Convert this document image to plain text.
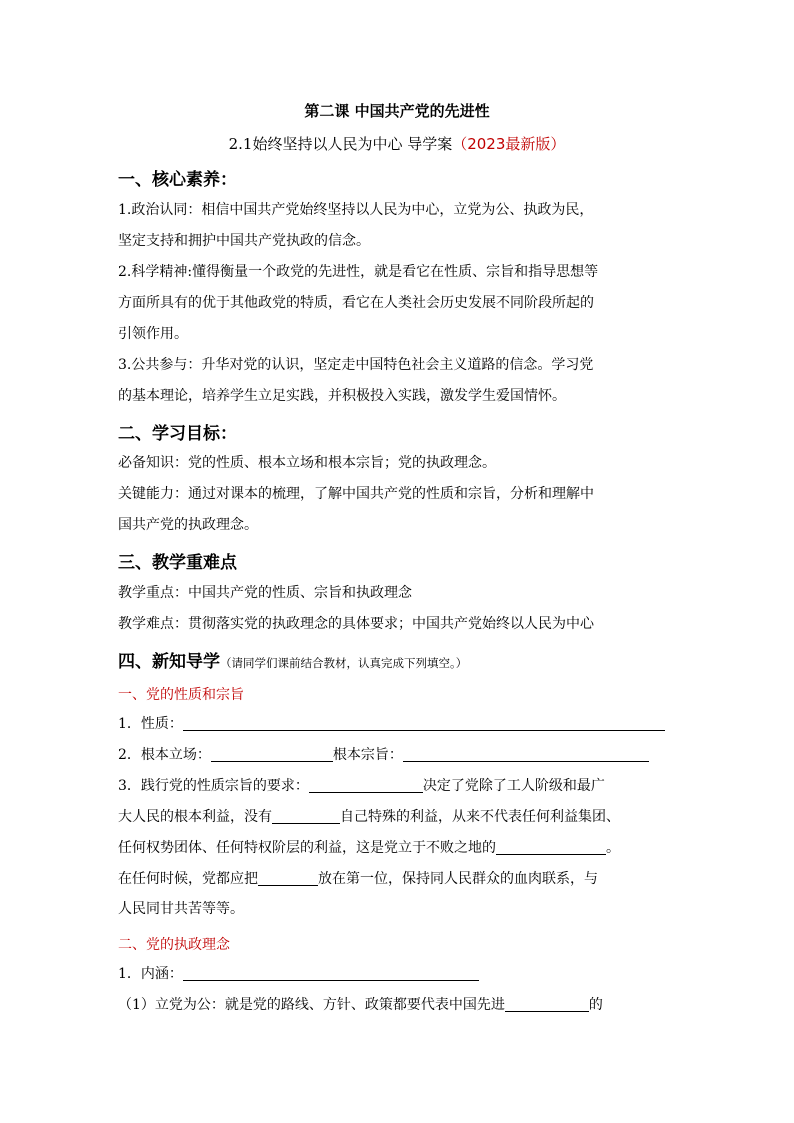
第二课 中国共产党的先进性
2.1始终坚持以人民为中心 导学案（2023最新版）
一、核心素养：
1.政治认同：相信中国共产党始终坚持以人民为中心，立党为公、执政为民，
坚定支持和拥护中国共产党执政的信念。
2.科学精神:懂得衡量一个政党的先进性，就是看它在性质、宗旨和指导思想等
方面所具有的优于其他政党的特质，看它在人类社会历史发展不同阶段所起的
引领作用。
3.公共参与：升华对党的认识，坚定走中国特色社会主义道路的信念。学习党
的基本理论，培养学生立足实践，并积极投入实践，激发学生爱国情怀。
二、学习目标：
必备知识：党的性质、根本立场和根本宗旨；党的执政理念。
关键能力：通过对课本的梳理，了解中国共产党的性质和宗旨，分析和理解中
国共产党的执政理念。
三、教学重难点
教学重点：中国共产党的性质、宗旨和执政理念
教学难点：贯彻落实党的执政理念的具体要求；中国共产党始终以人民为中心
四、新知导学（请同学们课前结合教材，认真完成下列填空。）
一、党的性质和宗旨
1．性质：
2．根本立场：	根本宗旨：
3．践行党的性质宗旨的要求：	决定了党除了工人阶级和最广
大人民的根本利益，没有	自己特殊的利益，从来不代表任何利益集团、
任何权势团体、任何特权阶层的利益，这是党立于不败之地的	。
在任何时候，党都应把	放在第一位，保持同人民群众的血肉联系，与
人民同甘共苦等等。
二、党的执政理念
1．内涵：
（1）立党为公：就是党的路线、方针、政策都要代表中国先进	的
